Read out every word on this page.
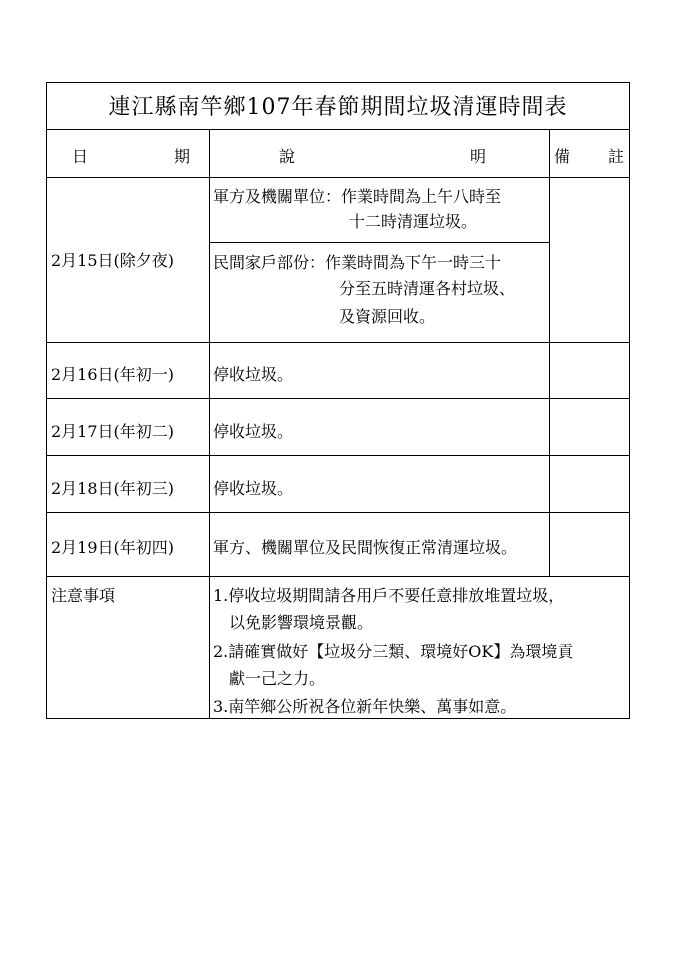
連江縣南竿鄉107年春節期間垃圾清運時間表
日	期	說	明	備 註
2月15日(除夕夜)
軍方及機關單位：作業時間為上午八時至
十二時清運垃圾。
民間家戶部份：作業時間為下午一時三十
分至五時清運各村垃圾、
及資源回收。
2月16日(年初一) 停收垃圾。
2月17日(年初二) 停收垃圾。
2月18日(年初三) 停收垃圾。
2月19日(年初四) 軍方、機關單位及民間恢復正常清運垃圾。
注意事項	1.停收垃圾期間請各用戶不要任意排放堆置垃圾，
以免影響環境景觀。
2.請確實做好【垃圾分三類、環境好OK】為環境貢
獻一己之力。
3.南竿鄉公所祝各位新年快樂、萬事如意。
